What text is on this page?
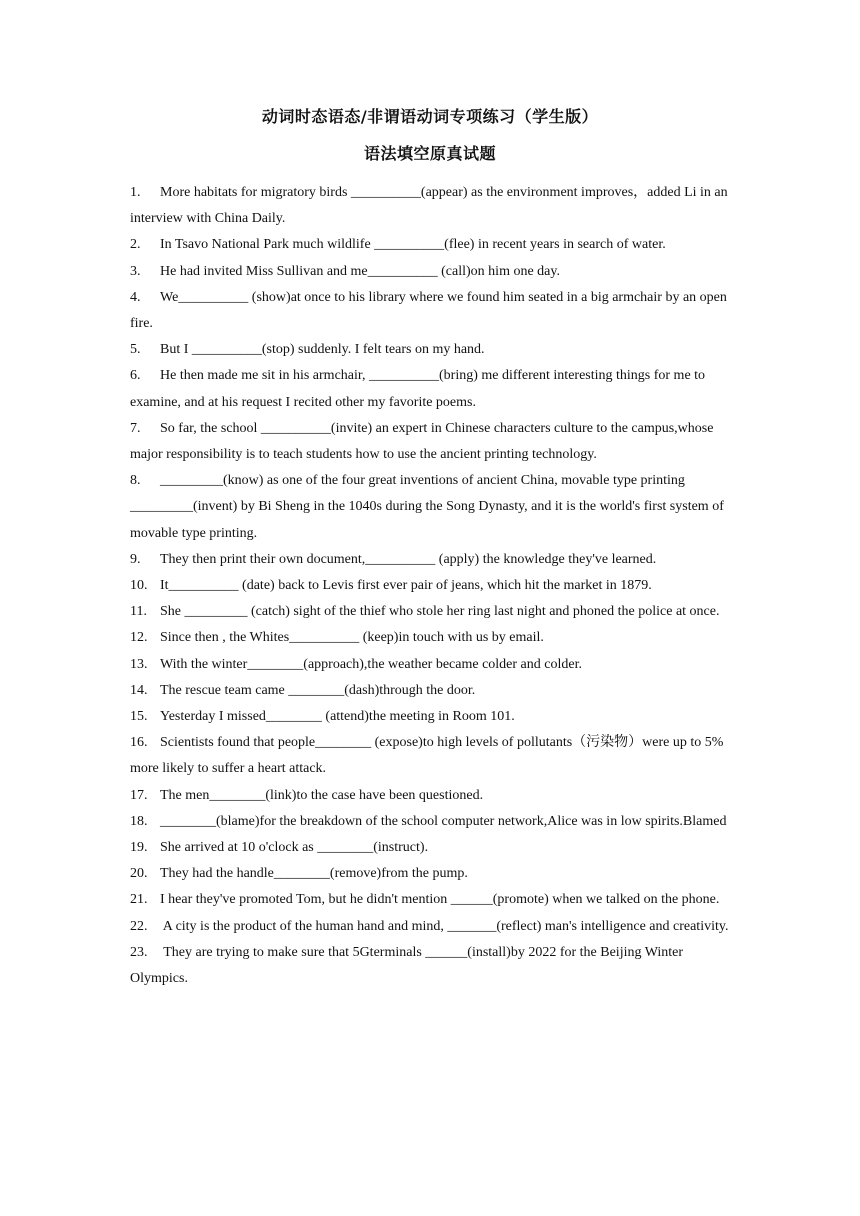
动词时态语态/非谓语动词专项练习（学生版）
语法填空原真试题
1. More habitats for migratory birds __________(appear) as the environment improves，added Li in an interview with China Daily.
2. In Tsavo National Park much wildlife __________(flee) in recent years in search of water.
3. He had invited Miss Sullivan and me__________ (call)on him one day.
4. We__________ (show)at once to his library where we found him seated in a big armchair by an open fire.
5. But I __________(stop) suddenly. I felt tears on my hand.
6. He then made me sit in his armchair, __________(bring) me different interesting things for me to examine, and at his request I recited other my favorite poems.
7. So far, the school __________(invite) an expert in Chinese characters culture to the campus,whose major responsibility is to teach students how to use the ancient printing technology.
8. _________(know) as one of the four great inventions of ancient China, movable type printing _________(invent) by Bi Sheng in the 1040s during the Song Dynasty, and it is the world's first system of movable type printing.
9. They then print their own document,__________ (apply) the knowledge they've learned.
10. It__________ (date) back to Levis first ever pair of jeans, which hit the market in 1879.
11. She _________ (catch) sight of the thief who stole her ring last night and phoned the police at once.
12. Since then , the Whites__________ (keep)in touch with us by email.
13. With the winter________(approach),the weather became colder and colder.
14. The rescue team came ________(dash)through the door.
15. Yesterday I missed________ (attend)the meeting in Room 101.
16. Scientists found that people________ (expose)to high levels of pollutants（污染物）were up to 5% more likely to suffer a heart attack.
17. The men________(link)to the case have been questioned.
18. ________(blame)for the breakdown of the school computer network,Alice was in low spirits.Blamed
19. She arrived at 10 o'clock as ________(instruct).
20. They had the handle________(remove)from the pump.
21. I hear they've promoted Tom, but he didn't mention ______(promote) when we talked on the phone.
22. A city is the product of the human hand and mind, _______(reflect) man's intelligence and creativity.
23. They are trying to make sure that 5Gterminals ______(install)by 2022 for the Beijing Winter Olympics.
